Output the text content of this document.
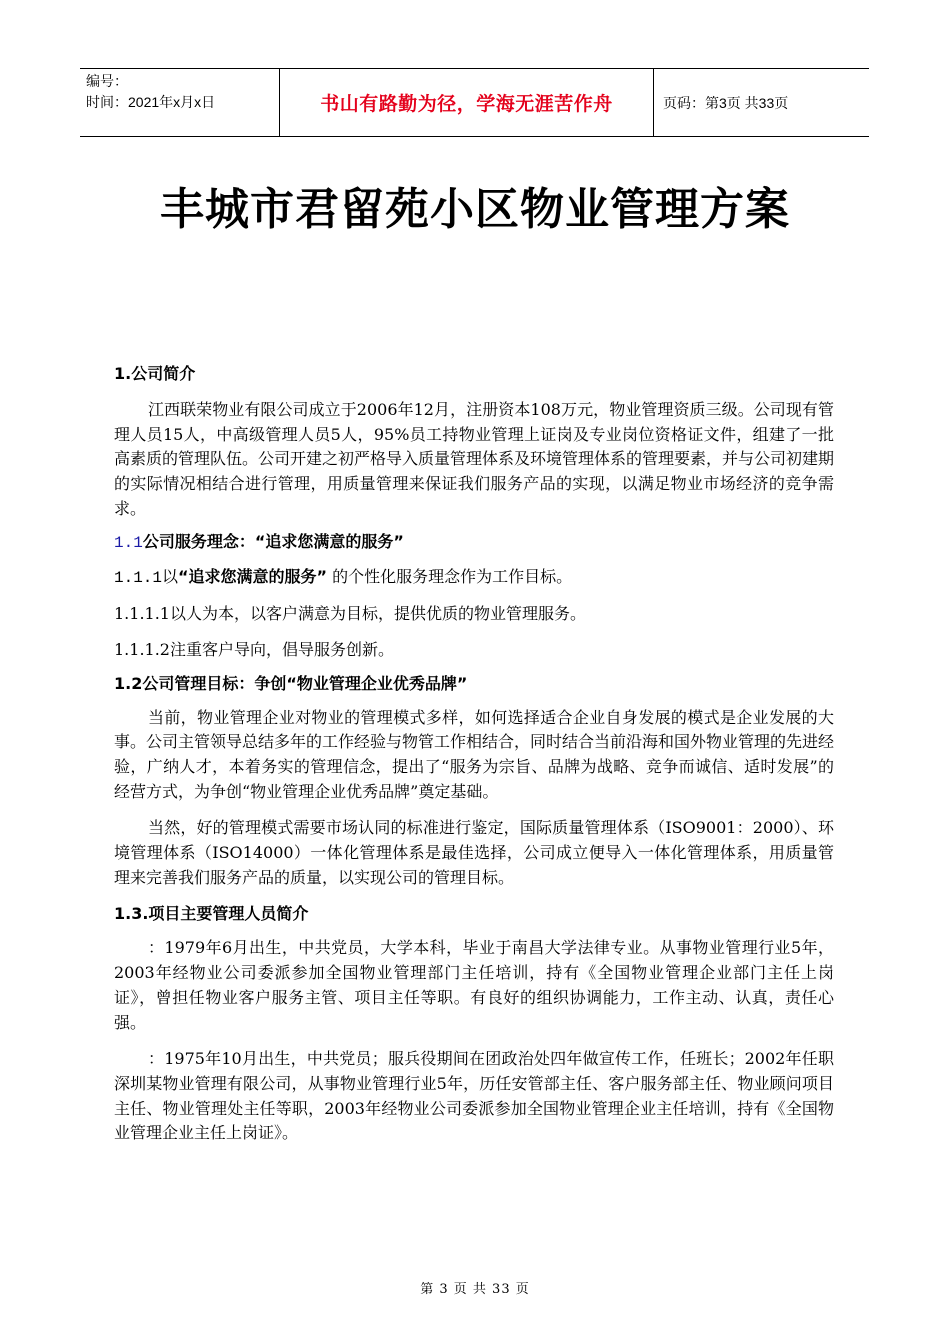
编号：
时间：2021年x月x日	书山有路勤为径，学海无涯苦作舟	页码：第3页 共33页
丰城市君留苑小区物业管理方案
1.公司简介

江西联荣物业有限公司成立于2006年12月，注册资本108万元，物业管理资质三级。公司现有管理人员15人，中高级管理人员5人，95%员工持物业管理上证岗及专业岗位资格证文件，组建了一批高素质的管理队伍。公司开建之初严格导入质量管理体系及环境管理体系的管理要素，并与公司初建期的实际情况相结合进行管理，用质量管理来保证我们服务产品的实现，以满足物业市场经济的竞争需求。

1.1公司服务理念：“追求您满意的服务”
1.1.1以“追求您满意的服务” 的个性化服务理念作为工作目标。
1.1.1.1以人为本，以客户满意为目标，提供优质的物业管理服务。
1.1.1.2注重客户导向，倡导服务创新。
1.2公司管理目标：争创“物业管理企业优秀品牌”

当前，物业管理企业对物业的管理模式多样，如何选择适合企业自身发展的模式是企业发展的大事。公司主管领导总结多年的工作经验与物管工作相结合，同时结合当前沿海和国外物业管理的先进经验，广纳人才，本着务实的管理信念，提出了“服务为宗旨、品牌为战略、竞争而诚信、适时发展”的经营方式，为争创“物业管理企业优秀品牌”奠定基础。

当然，好的管理模式需要市场认同的标准进行鉴定，国际质量管理体系（ISO9001：2000）、环境管理体系（ISO14000）一体化管理体系是最佳选择，公司成立便导入一体化管理体系，用质量管理来完善我们服务产品的质量，以实现公司的管理目标。

1.3.项目主要管理人员简介

：1979年6月出生，中共党员，大学本科，毕业于南昌大学法律专业。从事物业管理行业5年，2003年经物业公司委派参加全国物业管理部门主任培训，持有《全国物业管理企业部门主任上岗证》，曾担任物业客户服务主管、项目主任等职。有良好的组织协调能力，工作主动、认真，责任心强。

：1975年10月出生，中共党员；服兵役期间在团政治处四年做宣传工作，任班长；2002年任职深圳某物业管理有限公司，从事物业管理行业5年，历任安管部主任、客户服务部主任、物业顾问项目主任、物业管理处主任等职，2003年经物业公司委派参加全国物业管理企业主任培训，持有《全国物业管理企业主任上岗证》。

第 3 页 共 33 页
